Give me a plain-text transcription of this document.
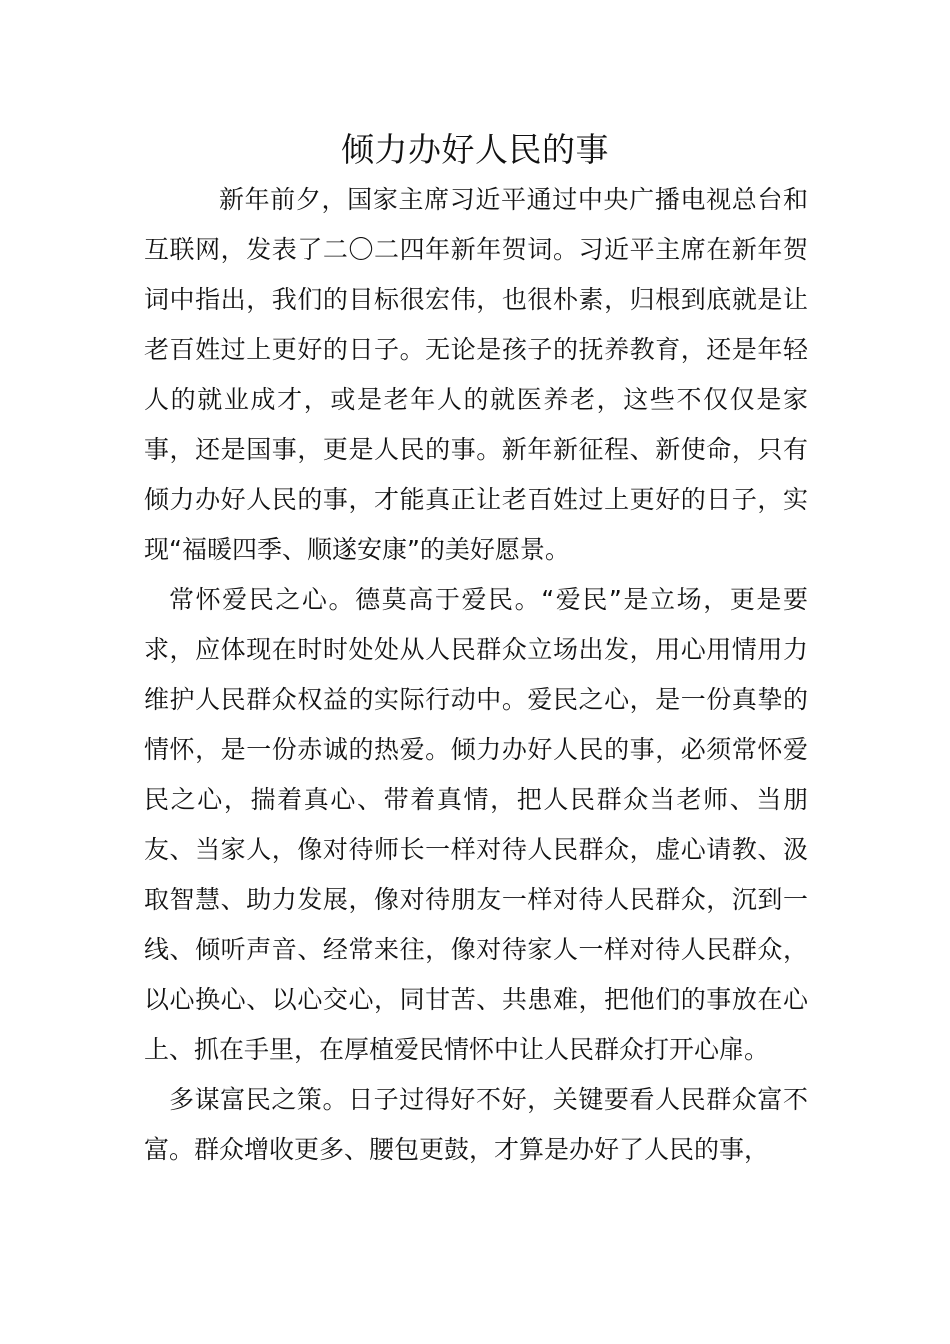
倾力办好人民的事

新年前夕，国家主席习近平通过中央广播电视总台和互联网，发表了二〇二四年新年贺词。习近平主席在新年贺词中指出，我们的目标很宏伟，也很朴素，归根到底就是让老百姓过上更好的日子。无论是孩子的抚养教育，还是年轻人的就业成才，或是老年人的就医养老，这些不仅仅是家事，还是国事，更是人民的事。新年新征程、新使命，只有倾力办好人民的事，才能真正让老百姓过上更好的日子，实现“福暖四季、顺遂安康”的美好愿景。

常怀爱民之心。德莫高于爱民。“爱民”是立场，更是要求，应体现在时时处处从人民群众立场出发，用心用情用力维护人民群众权益的实际行动中。爱民之心，是一份真挚的情怀，是一份赤诚的热爱。倾力办好人民的事，必须常怀爱民之心，揣着真心、带着真情，把人民群众当老师、当朋友、当家人，像对待师长一样对待人民群众，虚心请教、汲取智慧、助力发展，像对待朋友一样对待人民群众，沉到一线、倾听声音、经常来往，像对待家人一样对待人民群众，以心换心、以心交心，同甘苦、共患难，把他们的事放在心上、抓在手里，在厚植爱民情怀中让人民群众打开心扉。

多谋富民之策。日子过得好不好，关键要看人民群众富不富。群众增收更多、腰包更鼓，才算是办好了人民的事，
